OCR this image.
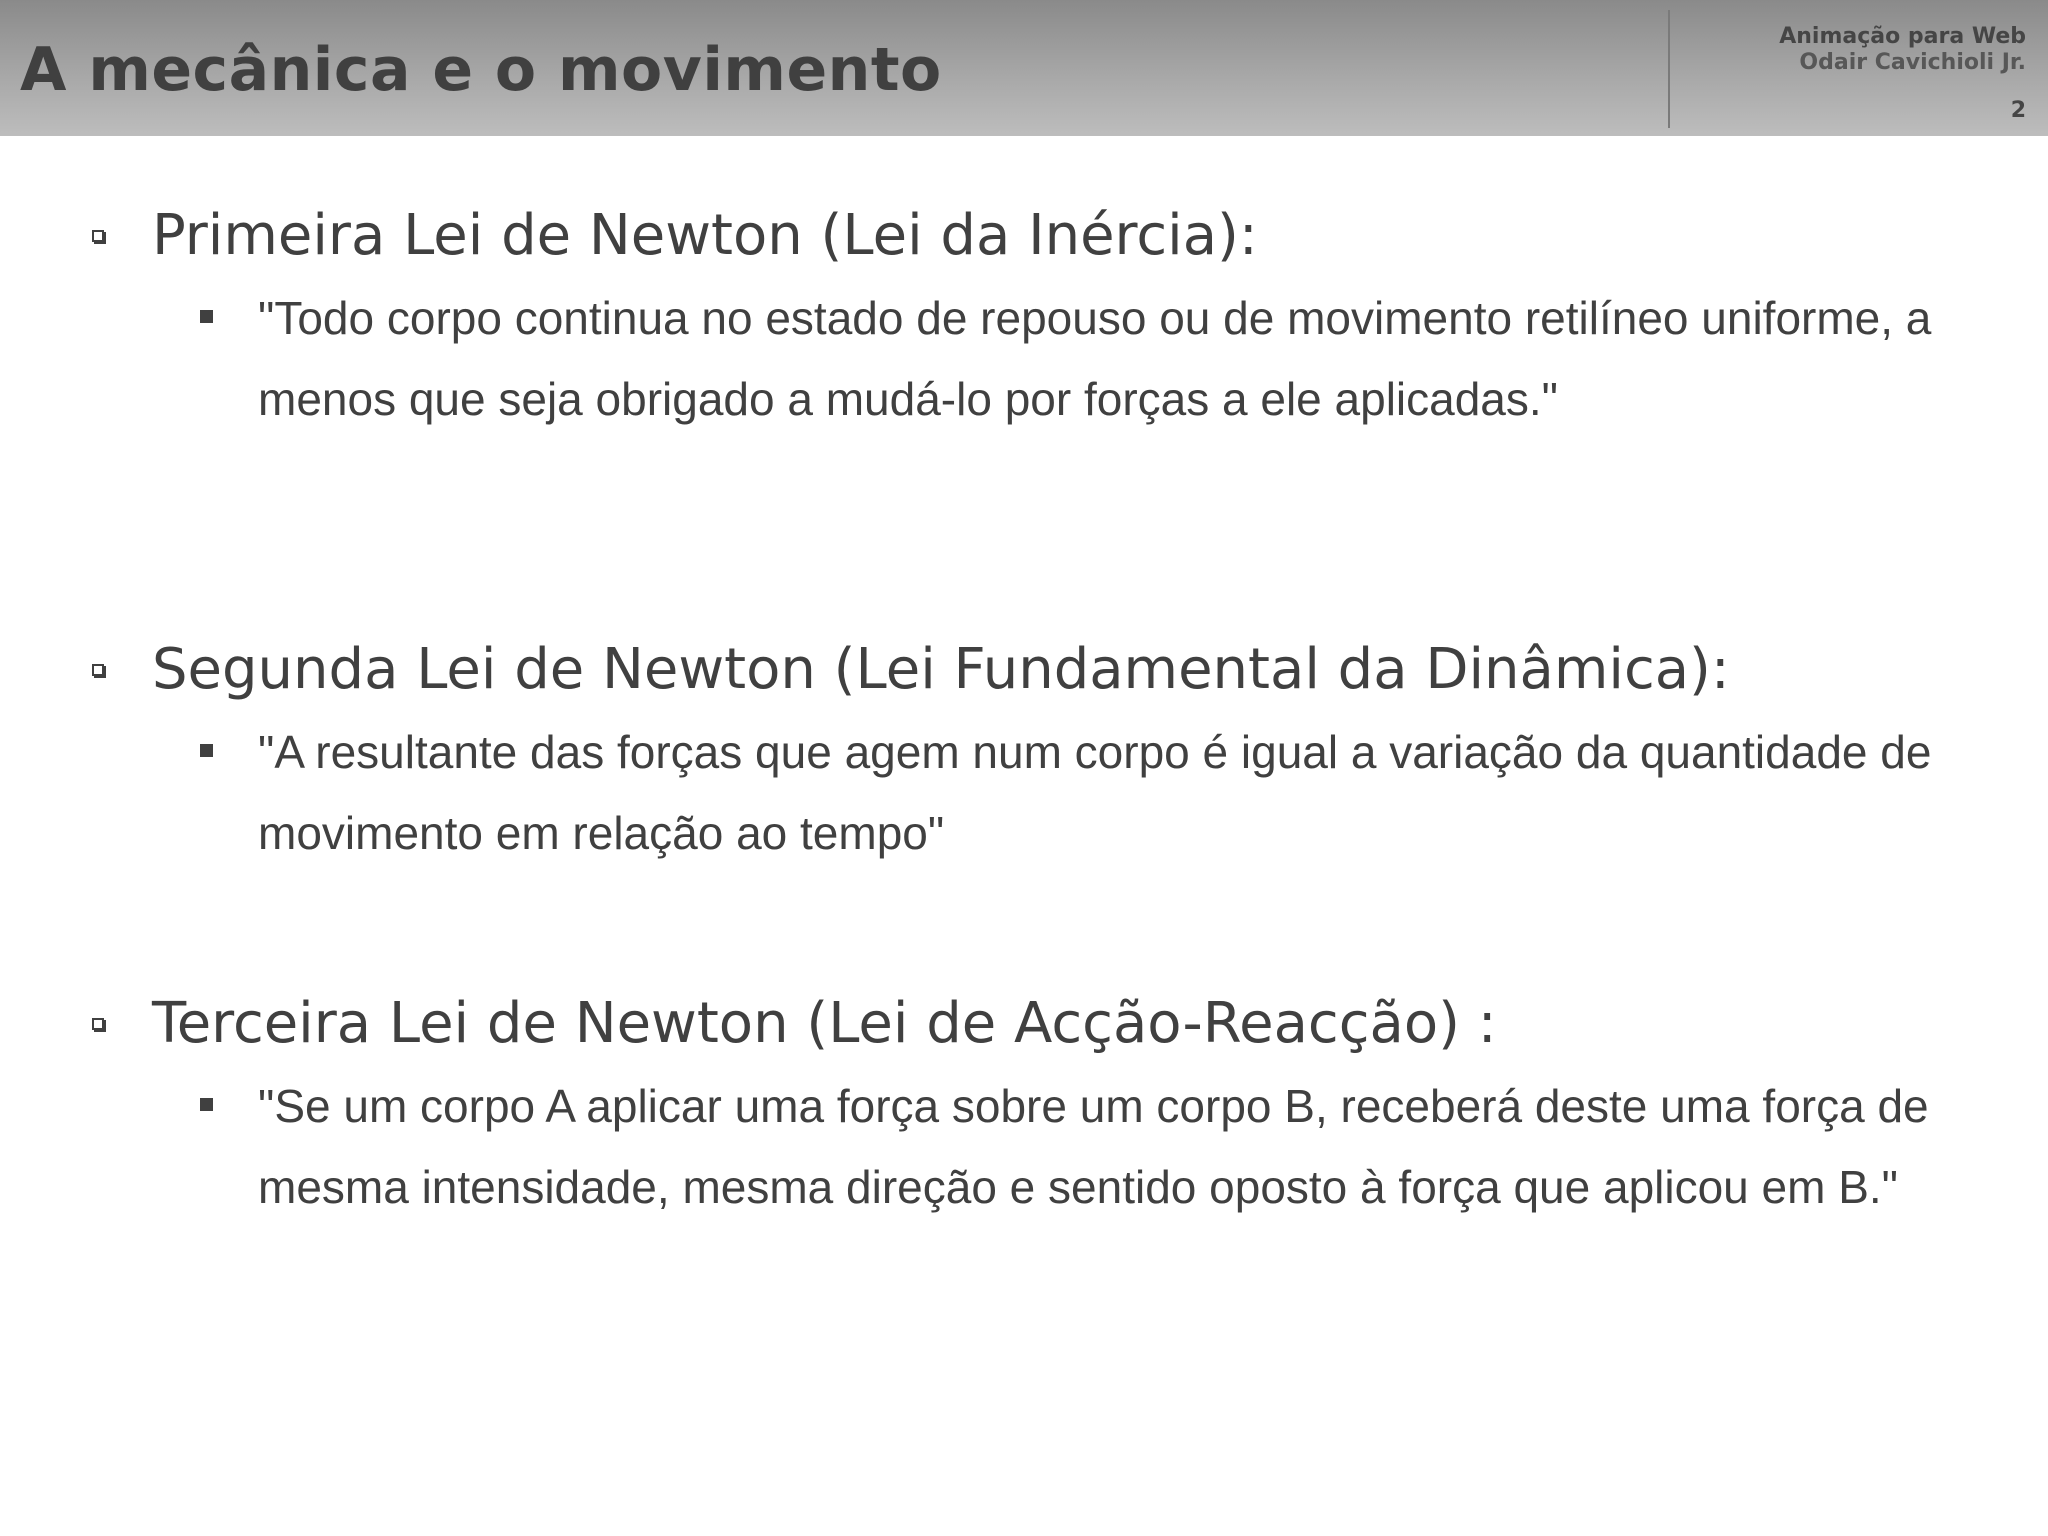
A mecânica e o movimento	Animação para Web
Odair Cavichioli Jr.
2
Primeira Lei de Newton (Lei da Inércia):
"Todo corpo continua no estado de repouso ou de movimento retilíneo uniforme, a menos que seja obrigado a mudá-lo por forças a ele aplicadas."
Segunda Lei de Newton (Lei Fundamental da Dinâmica):
"A resultante das forças que agem num corpo é igual a variação da quantidade de movimento em relação ao tempo"
Terceira Lei de Newton (Lei de Acção-Reacção) :
"Se um corpo A aplicar uma força sobre um corpo B, receberá deste uma força de mesma intensidade, mesma direção e sentido oposto à força que aplicou em B."
